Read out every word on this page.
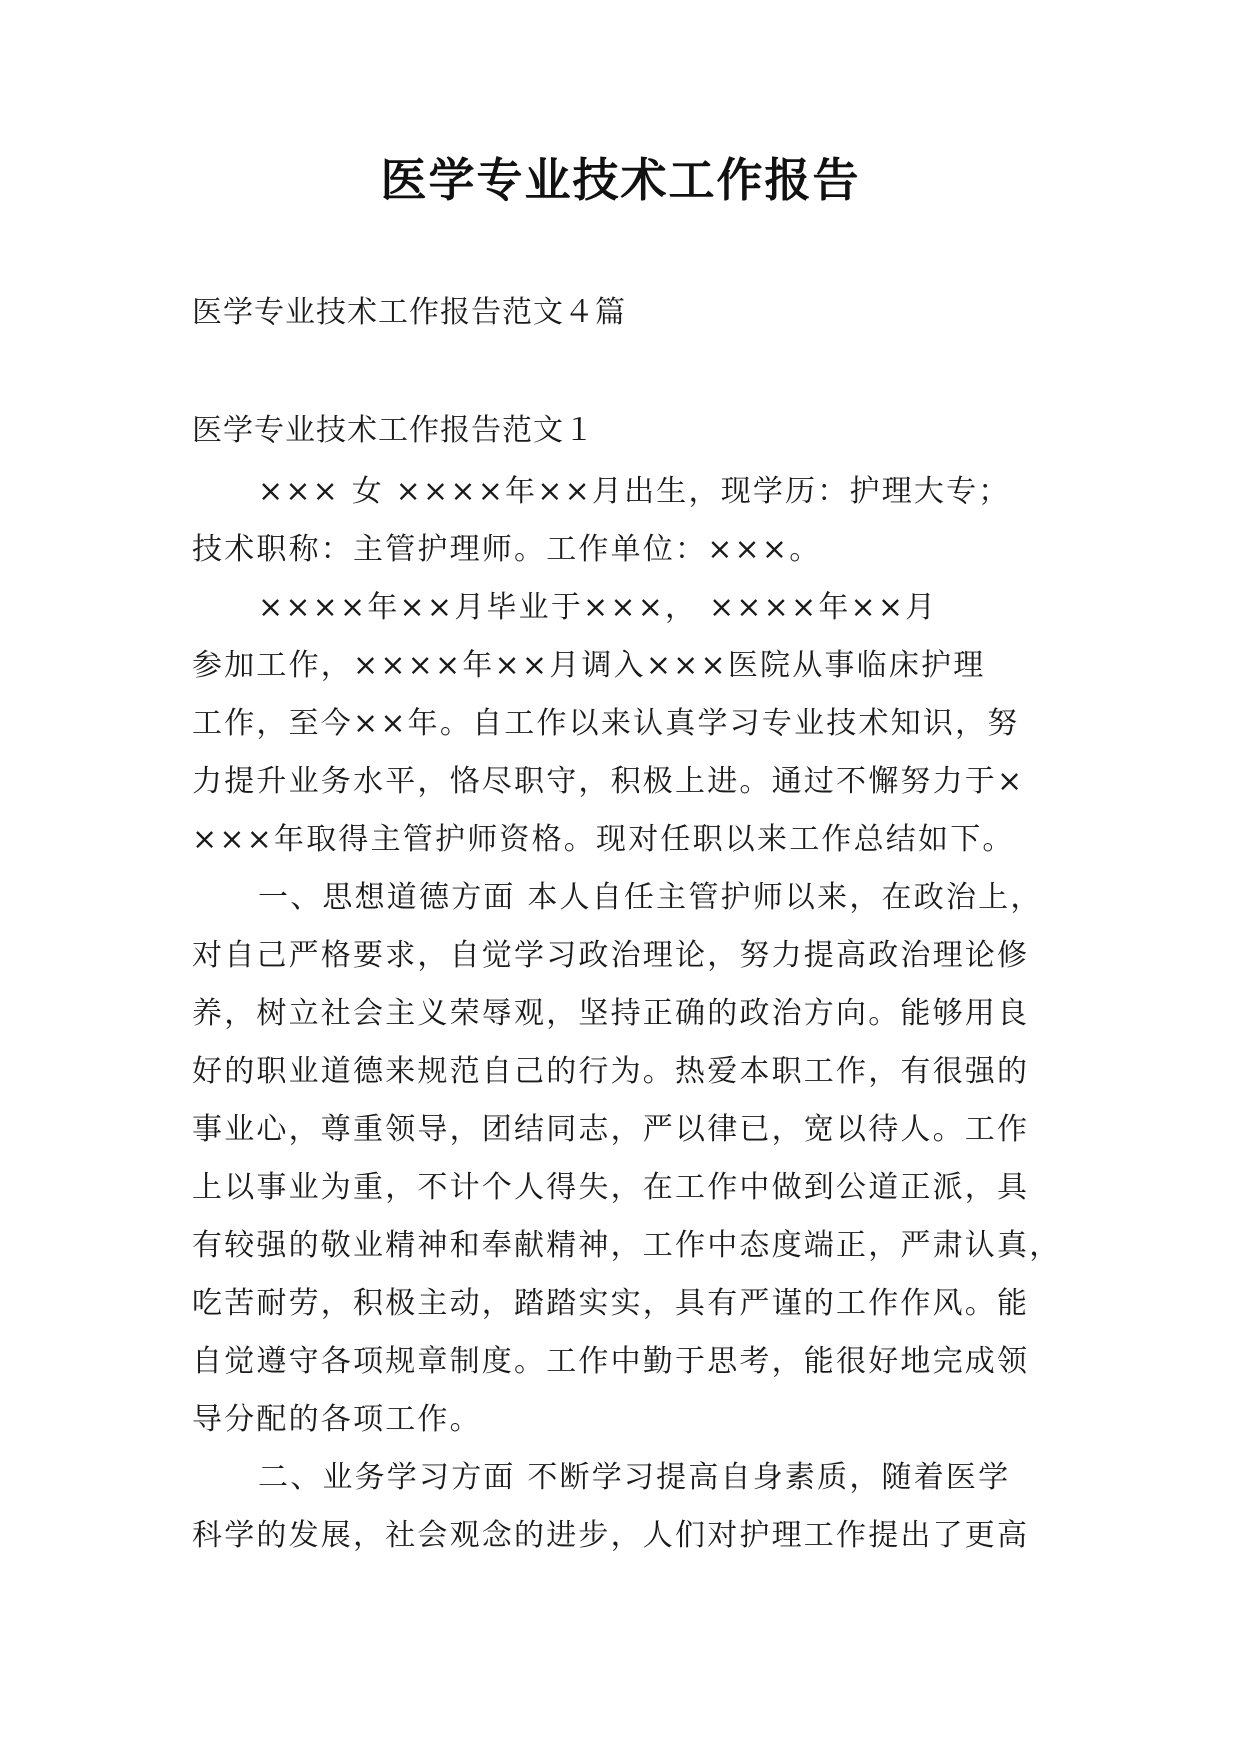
医学专业技术工作报告

医学专业技术工作报告范文４篇

医学专业技术工作报告范文１

××× 女 ××××年××月出生，现学历：护理大专；
技术职称：主管护理师。工作单位：×××。
××××年××月毕业于×××， ××××年××月
参加工作，××××年××月调入×××医院从事临床护理
工作，至今××年。自工作以来认真学习专业技术知识，努
力提升业务水平，恪尽职守，积极上进。通过不懈努力于×
×××年取得主管护师资格。现对任职以来工作总结如下。
一、思想道德方面 本人自任主管护师以来，在政治上，
对自己严格要求，自觉学习政治理论，努力提高政治理论修
养，树立社会主义荣辱观，坚持正确的政治方向。能够用良
好的职业道德来规范自己的行为。热爱本职工作，有很强的
事业心，尊重领导，团结同志，严以律已，宽以待人。工作
上以事业为重，不计个人得失，在工作中做到公道正派，具
有较强的敬业精神和奉献精神，工作中态度端正，严肃认真，
吃苦耐劳，积极主动，踏踏实实，具有严谨的工作作风。能
自觉遵守各项规章制度。工作中勤于思考，能很好地完成领
导分配的各项工作。
二、业务学习方面 不断学习提高自身素质，随着医学
科学的发展，社会观念的进步，人们对护理工作提出了更高
